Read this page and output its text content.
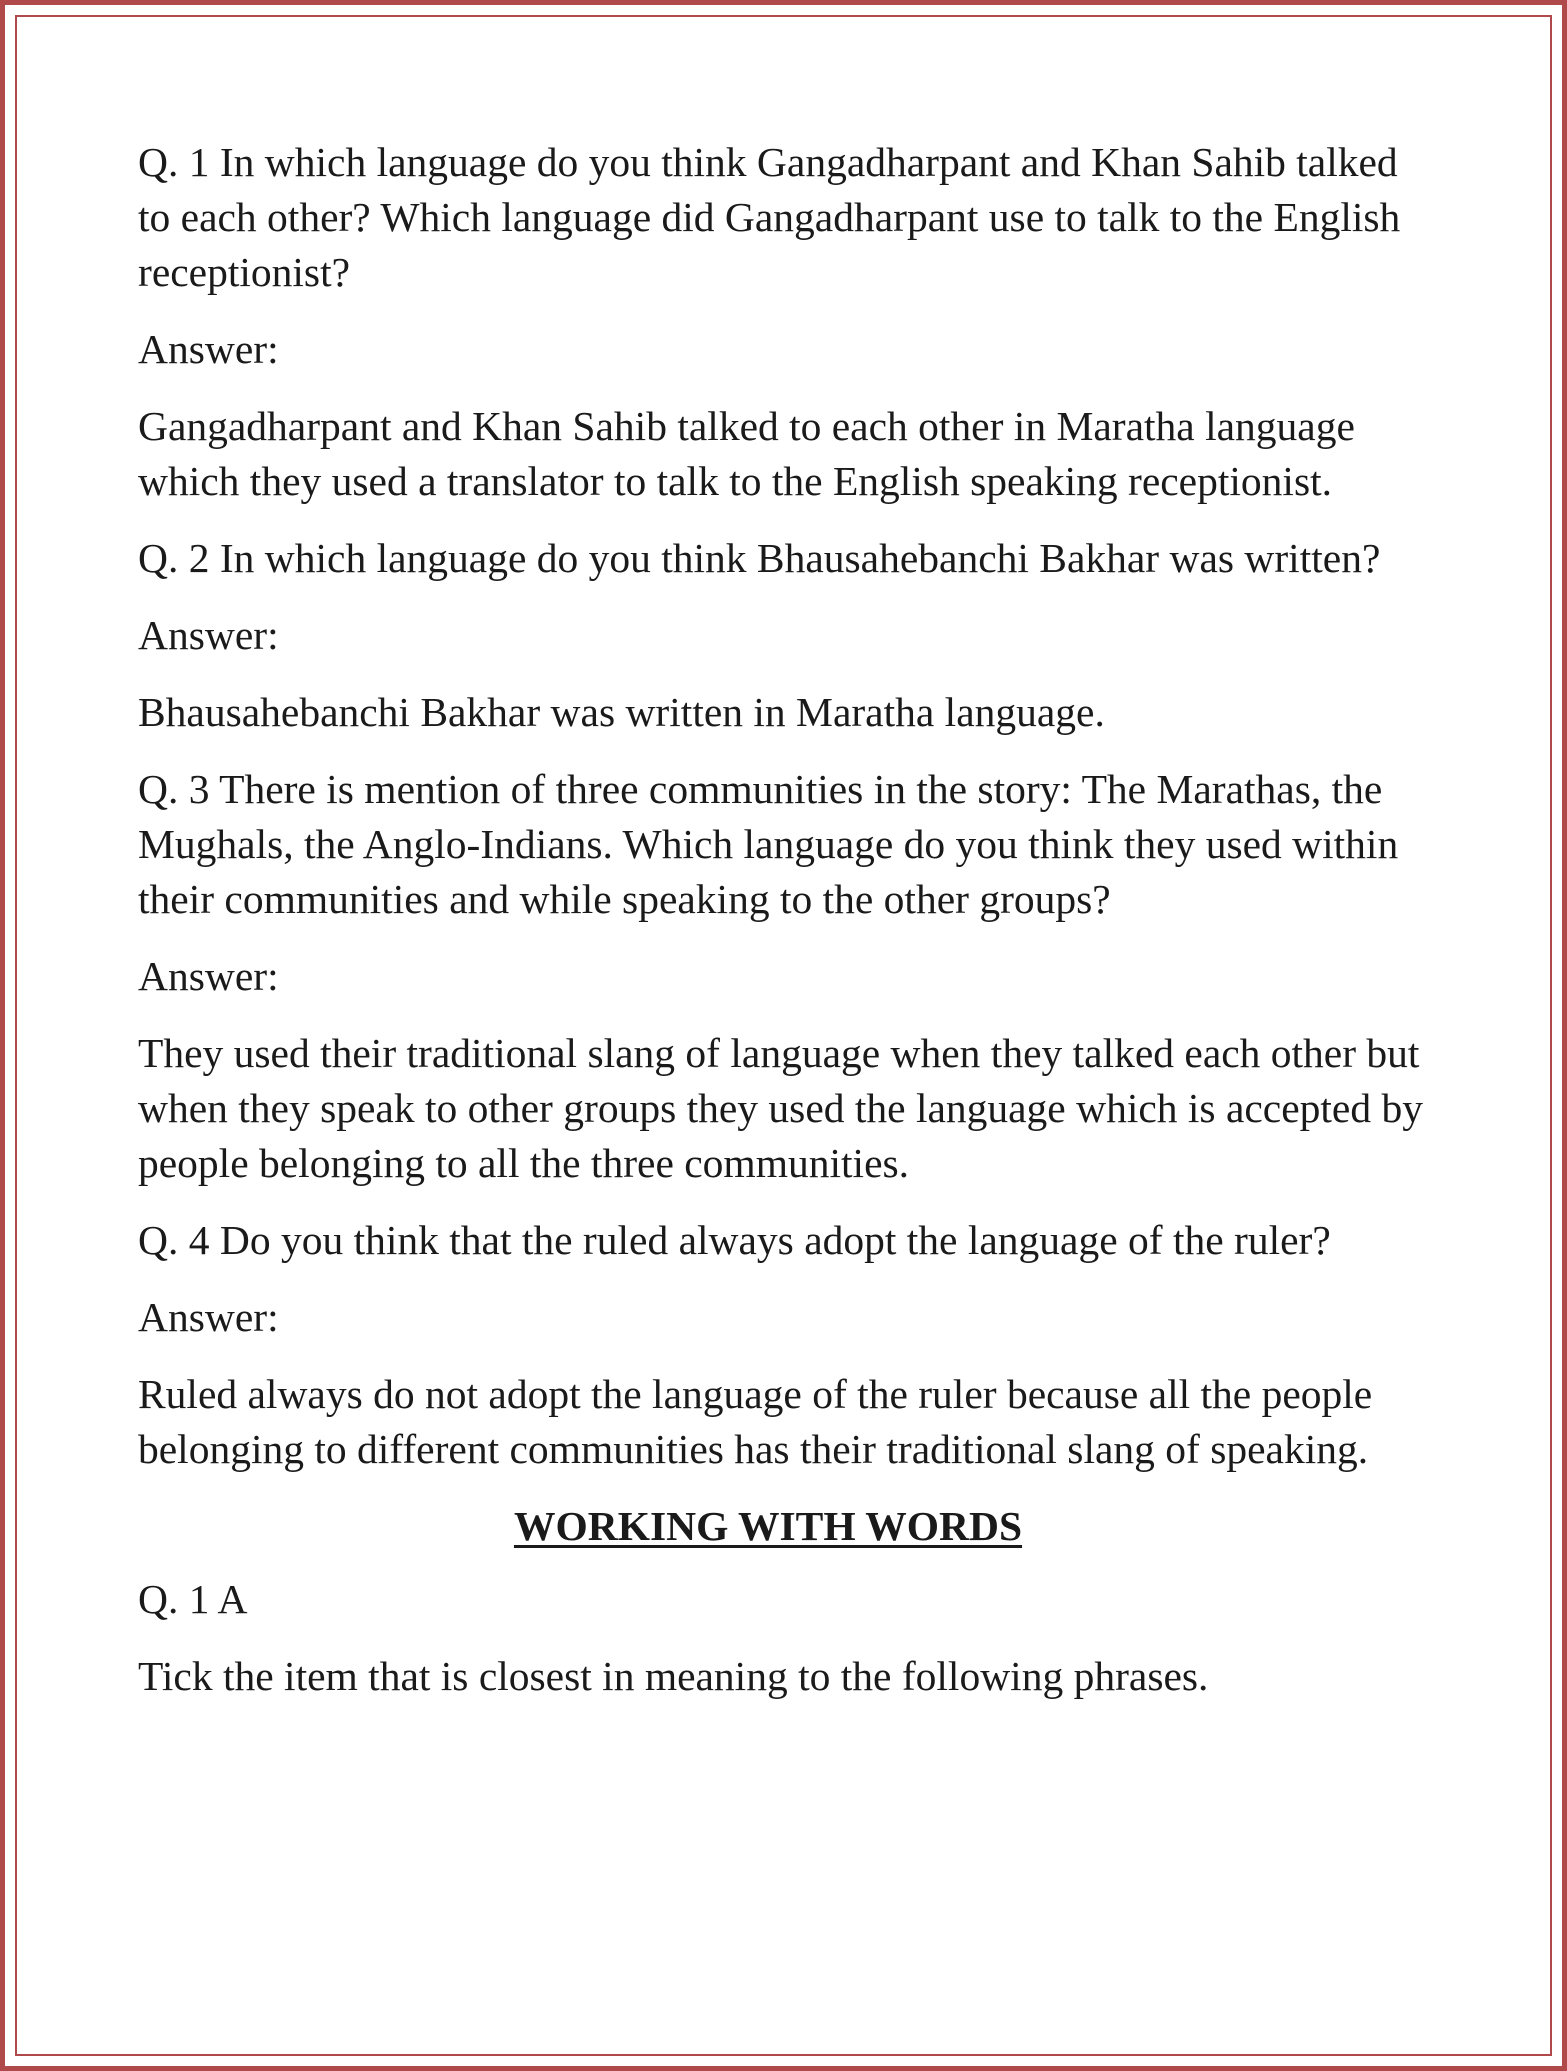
Q. 1 In which language do you think Gangadharpant and Khan Sahib talked to each other? Which language did Gangadharpant use to talk to the English receptionist?

Answer:

Gangadharpant and Khan Sahib talked to each other in Maratha language which they used a translator to talk to the English speaking receptionist.

Q. 2 In which language do you think Bhausahebanchi Bakhar was written?

Answer:

Bhausahebanchi Bakhar was written in Maratha language.

Q. 3 There is mention of three communities in the story: The Marathas, the Mughals, the Anglo-Indians. Which language do you think they used within their communities and while speaking to the other groups?

Answer:

They used their traditional slang of language when they talked each other but when they speak to other groups they used the language which is accepted by people belonging to all the three communities.

Q. 4 Do you think that the ruled always adopt the language of the ruler?

Answer:

Ruled always do not adopt the language of the ruler because all the people belonging to different communities has their traditional slang of speaking.

WORKING WITH WORDS

Q. 1 A

Tick the item that is closest in meaning to the following phrases.
